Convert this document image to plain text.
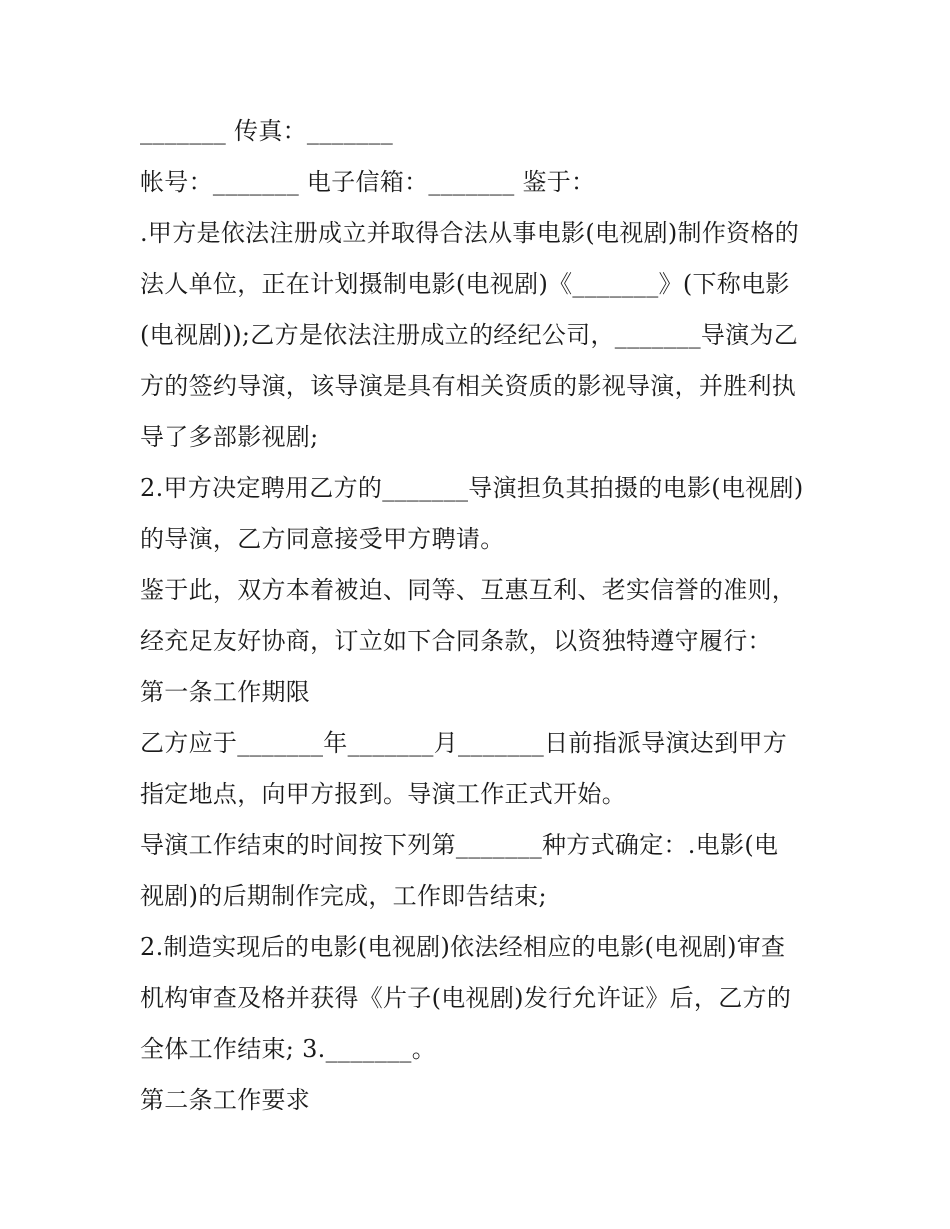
_______ 传真：_______
帐号：_______ 电子信箱：_______ 鉴于：
.甲方是依法注册成立并取得合法从事电影(电视剧)制作资格的
法人单位，正在计划摄制电影(电视剧)《_______》(下称电影
(电视剧));乙方是依法注册成立的经纪公司，_______导演为乙
方的签约导演，该导演是具有相关资质的影视导演，并胜利执
导了多部影视剧;
2.甲方决定聘用乙方的_______导演担负其拍摄的电影(电视剧)
的导演，乙方同意接受甲方聘请。
鉴于此，双方本着被迫、同等、互惠互利、老实信誉的准则，
经充足友好协商，订立如下合同条款，以资独特遵守履行：
第一条工作期限
乙方应于_______年_______月_______日前指派导演达到甲方
指定地点，向甲方报到。导演工作正式开始。
导演工作结束的时间按下列第_______种方式确定：.电影(电
视剧)的后期制作完成，工作即告结束;
2.制造实现后的电影(电视剧)依法经相应的电影(电视剧)审查
机构审查及格并获得《片子(电视剧)发行允许证》后，乙方的
全体工作结束; 3._______。
第二条工作要求
